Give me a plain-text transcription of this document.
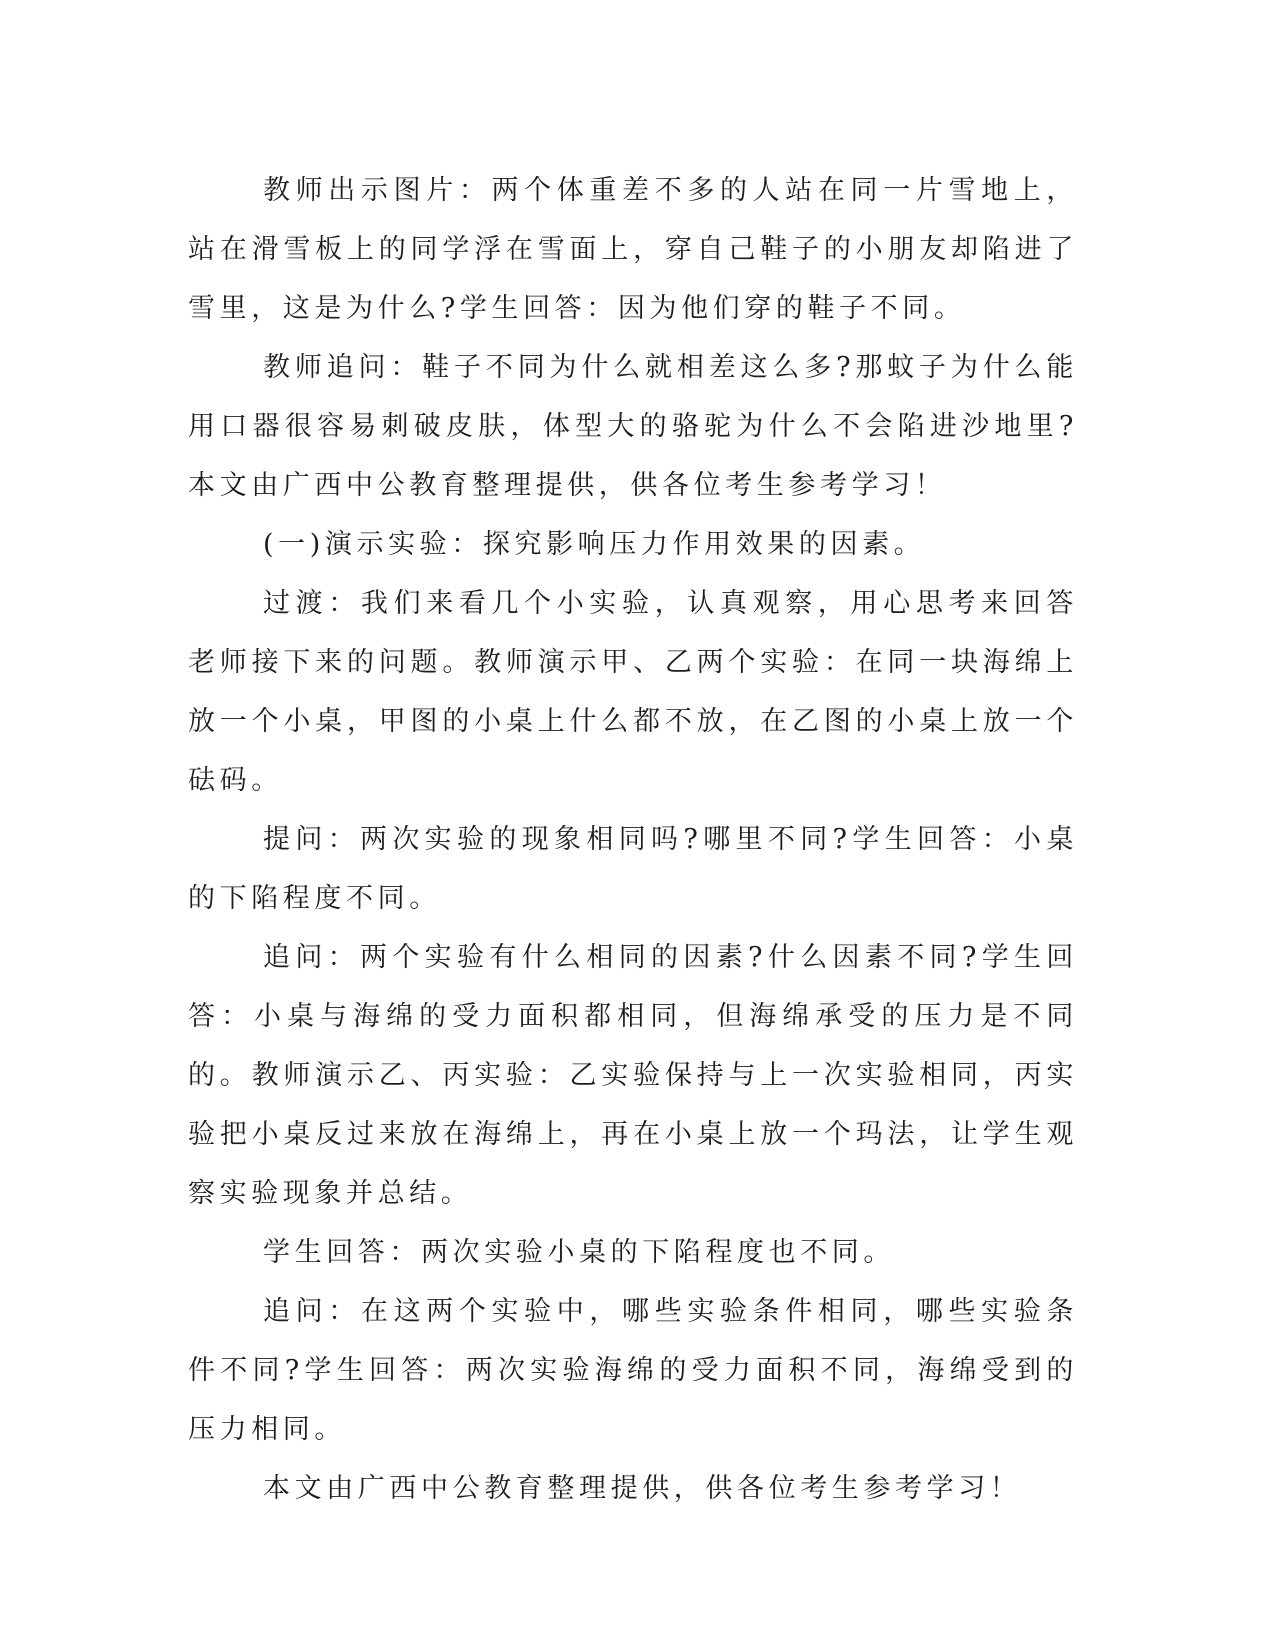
教师出示图片：两个体重差不多的人站在同一片雪地上，站在滑雪板上的同学浮在雪面上，穿自己鞋子的小朋友却陷进了雪里，这是为什么?学生回答：因为他们穿的鞋子不同。

教师追问：鞋子不同为什么就相差这么多?那蚊子为什么能用口器很容易刺破皮肤，体型大的骆驼为什么不会陷进沙地里?本文由广西中公教育整理提供，供各位考生参考学习！

(一)演示实验：探究影响压力作用效果的因素。

过渡：我们来看几个小实验，认真观察，用心思考来回答老师接下来的问题。教师演示甲、乙两个实验：在同一块海绵上放一个小桌，甲图的小桌上什么都不放，在乙图的小桌上放一个砝码。

提问：两次实验的现象相同吗?哪里不同?学生回答：小桌的下陷程度不同。

追问：两个实验有什么相同的因素?什么因素不同?学生回答：小桌与海绵的受力面积都相同，但海绵承受的压力是不同的。教师演示乙、丙实验：乙实验保持与上一次实验相同，丙实验把小桌反过来放在海绵上，再在小桌上放一个玛法，让学生观察实验现象并总结。

学生回答：两次实验小桌的下陷程度也不同。

追问：在这两个实验中，哪些实验条件相同，哪些实验条件不同?学生回答：两次实验海绵的受力面积不同，海绵受到的压力相同。

本文由广西中公教育整理提供，供各位考生参考学习！
